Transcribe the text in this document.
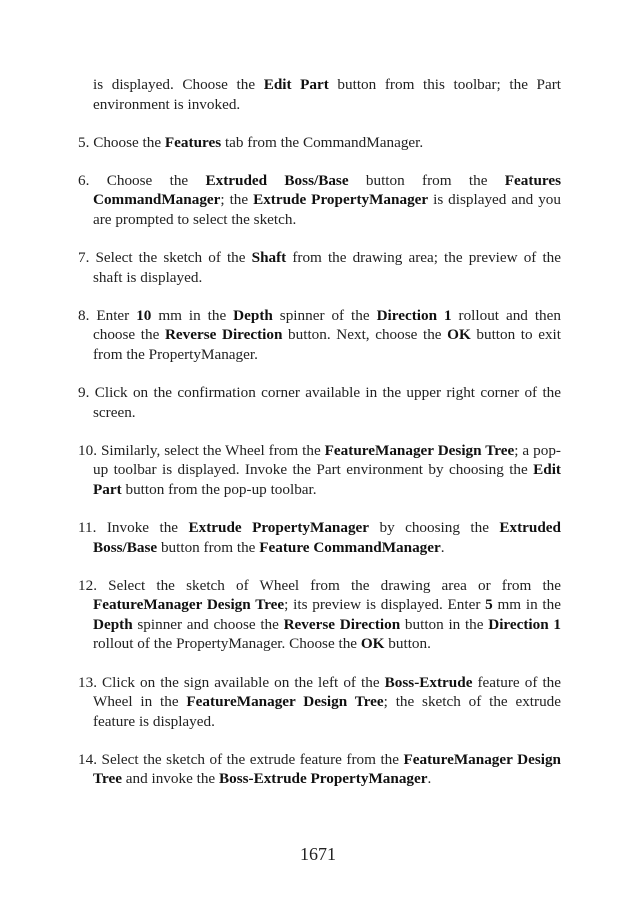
is displayed. Choose the Edit Part button from this toolbar; the Part environment is invoked.

5. Choose the Features tab from the CommandManager.

6. Choose the Extruded Boss/Base button from the Features CommandManager; the Extrude PropertyManager is displayed and you are prompted to select the sketch.

7. Select the sketch of the Shaft from the drawing area; the preview of the shaft is displayed.

8. Enter 10 mm in the Depth spinner of the Direction 1 rollout and then choose the Reverse Direction button. Next, choose the OK button to exit from the PropertyManager.

9. Click on the confirmation corner available in the upper right corner of the screen.

10. Similarly, select the Wheel from the FeatureManager Design Tree; a pop-up toolbar is displayed. Invoke the Part environment by choosing the Edit Part button from the pop-up toolbar.

11. Invoke the Extrude PropertyManager by choosing the Extruded Boss/Base button from the Feature CommandManager.

12. Select the sketch of Wheel from the drawing area or from the FeatureManager Design Tree; its preview is displayed. Enter 5 mm in the Depth spinner and choose the Reverse Direction button in the Direction 1 rollout of the PropertyManager. Choose the OK button.

13. Click on the sign available on the left of the Boss-Extrude feature of the Wheel in the FeatureManager Design Tree; the sketch of the extrude feature is displayed.

14. Select the sketch of the extrude feature from the FeatureManager Design Tree and invoke the Boss-Extrude PropertyManager.

1671
